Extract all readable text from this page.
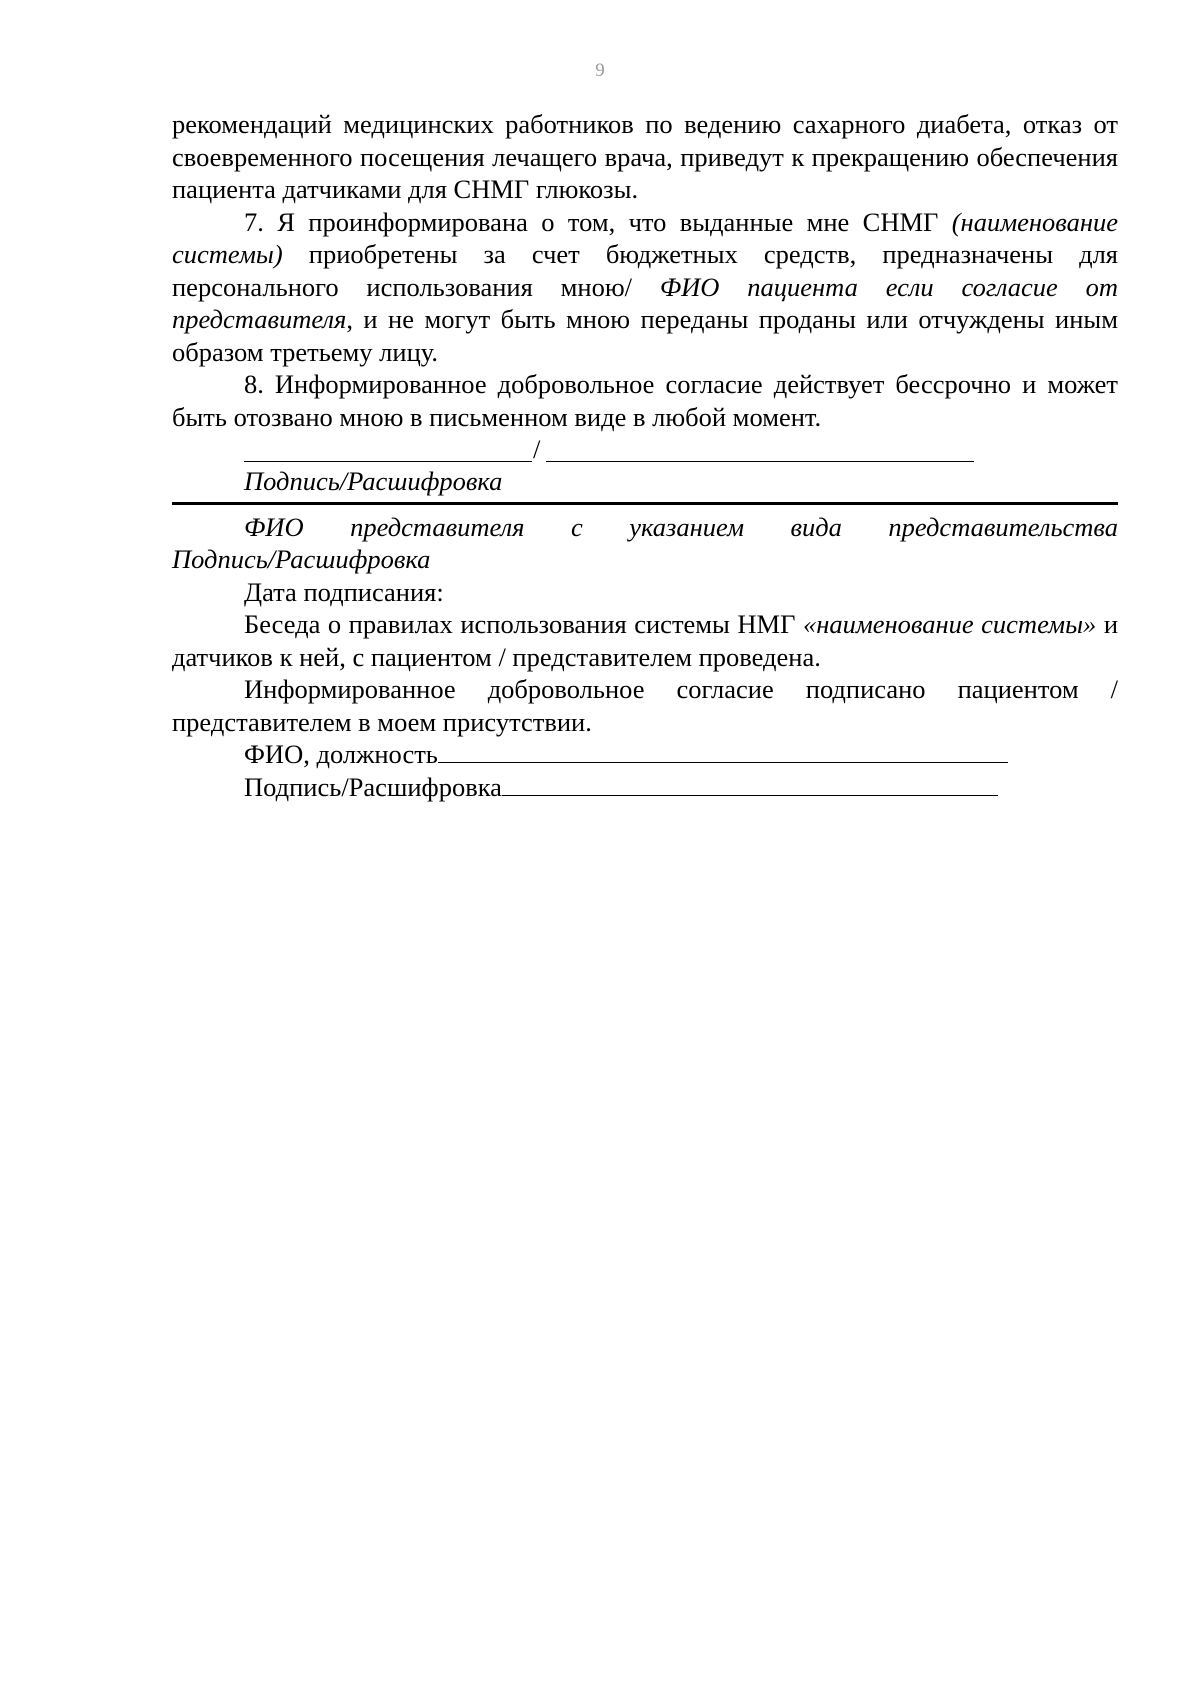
9

рекомендаций медицинских работников по ведению сахарного диабета, отказ от своевременного посещения лечащего врача, приведут к прекращению обеспечения пациента датчиками для СНМГ глюкозы.

7. Я проинформирована о том, что выданные мне СНМГ (наименование системы) приобретены за счет бюджетных средств, предназначены для персонального использования мною/ ФИО пациента если согласие от представителя, и не могут быть мною переданы проданы или отчуждены иным образом третьему лицу.

8. Информированное добровольное согласие действует бессрочно и может быть отозвано мною в письменном виде в любой момент.

/

Подпись/Расшифровка

ФИО представителя с указанием вида представительства

Подпись/Расшифровка

Дата подписания:

Беседа о правилах использования системы НМГ «наименование системы» и датчиков к ней, с пациентом / представителем проведена.

Информированное добровольное согласие подписано пациентом / представителем в моем присутствии.

ФИО, должность
Подпись/Расшифровка
